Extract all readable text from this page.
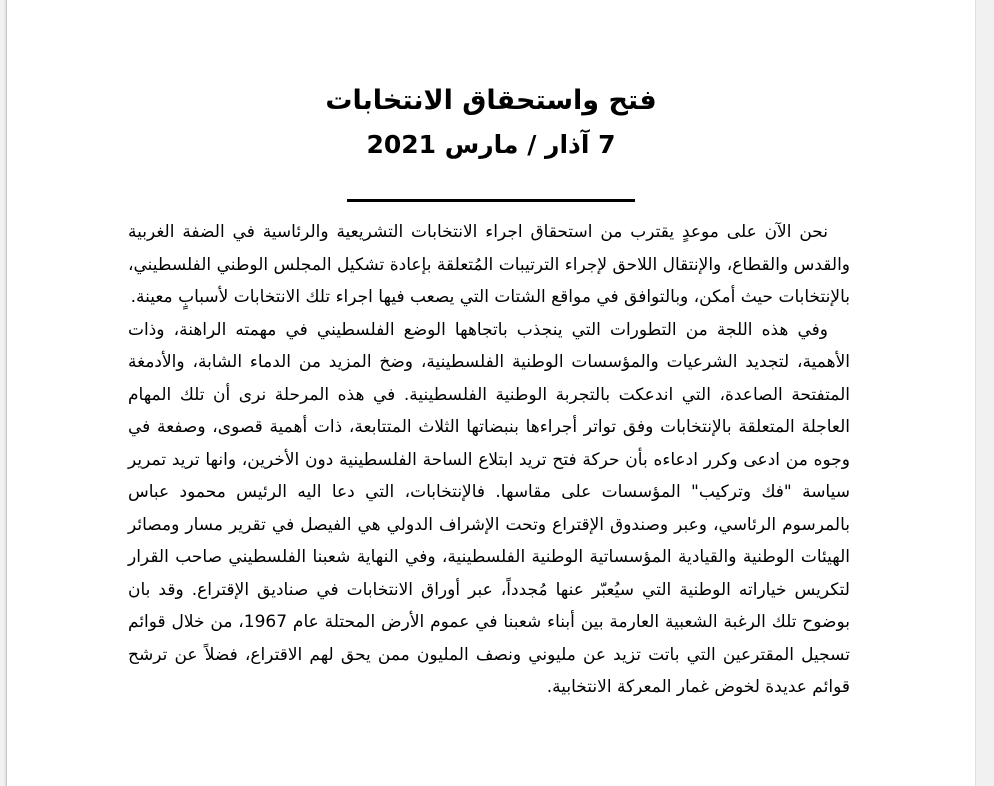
فتح واستحقاق الانتخابات
7 آذار / مارس 2021

نحن الآن على موعدٍ يقترب من استحقاق اجراء الانتخابات التشريعية والرئاسية في الضفة الغربية والقدس والقطاع، والإنتقال اللاحق لإجراء الترتيبات المُتعلقة بإعادة تشكيل المجلس الوطني الفلسطيني، بالإنتخابات حيث أمكن، وبالتوافق في مواقع الشتات التي يصعب فيها اجراء تلك الانتخابات لأسبابٍ معينة.

وفي هذه اللجة من التطورات التي ينجذب باتجاهها الوضع الفلسطيني في مهمته الراهنة، وذات الأهمية، لتجديد الشرعيات والمؤسسات الوطنية الفلسطينية، وضخ المزيد من الدماء الشابة، والأدمغة المتفتحة الصاعدة، التي اندعكت بالتجربة الوطنية الفلسطينية. في هذه المرحلة نرى أن تلك المهام العاجلة المتعلقة بالإنتخابات وفق تواتر أجراءها بنبضاتها الثلاث المتتابعة، ذات أهمية قصوى، وصفعة في وجوه من ادعى وكرر ادعاءه بأن حركة فتح تريد ابتلاع الساحة الفلسطينية دون الأخرين، وانها تريد تمرير سياسة "فك وتركيب" المؤسسات على مقاسها. فالإنتخابات، التي دعا اليه الرئيس محمود عباس بالمرسوم الرئاسي، وعبر وصندوق الإقتراع وتحت الإشراف الدولي هي الفيصل في تقرير مسار ومصائر الهيئات الوطنية والقيادية المؤسساتية الوطنية الفلسطينية، وفي النهاية شعبنا الفلسطيني صاحب القرار لتكريس خياراته الوطنية التي سيُعبّر عنها مُجدداً، عبر أوراق الانتخابات في صناديق الإقتراع. وقد بان بوضوح تلك الرغبة الشعبية العارمة بين أبناء شعبنا في عموم الأرض المحتلة عام 1967، من خلال قوائم تسجيل المقترعين التي باتت تزيد عن مليوني ونصف المليون ممن يحق لهم الاقتراع، فضلاً عن ترشح قوائم عديدة لخوض غمار المعركة الانتخابية.
